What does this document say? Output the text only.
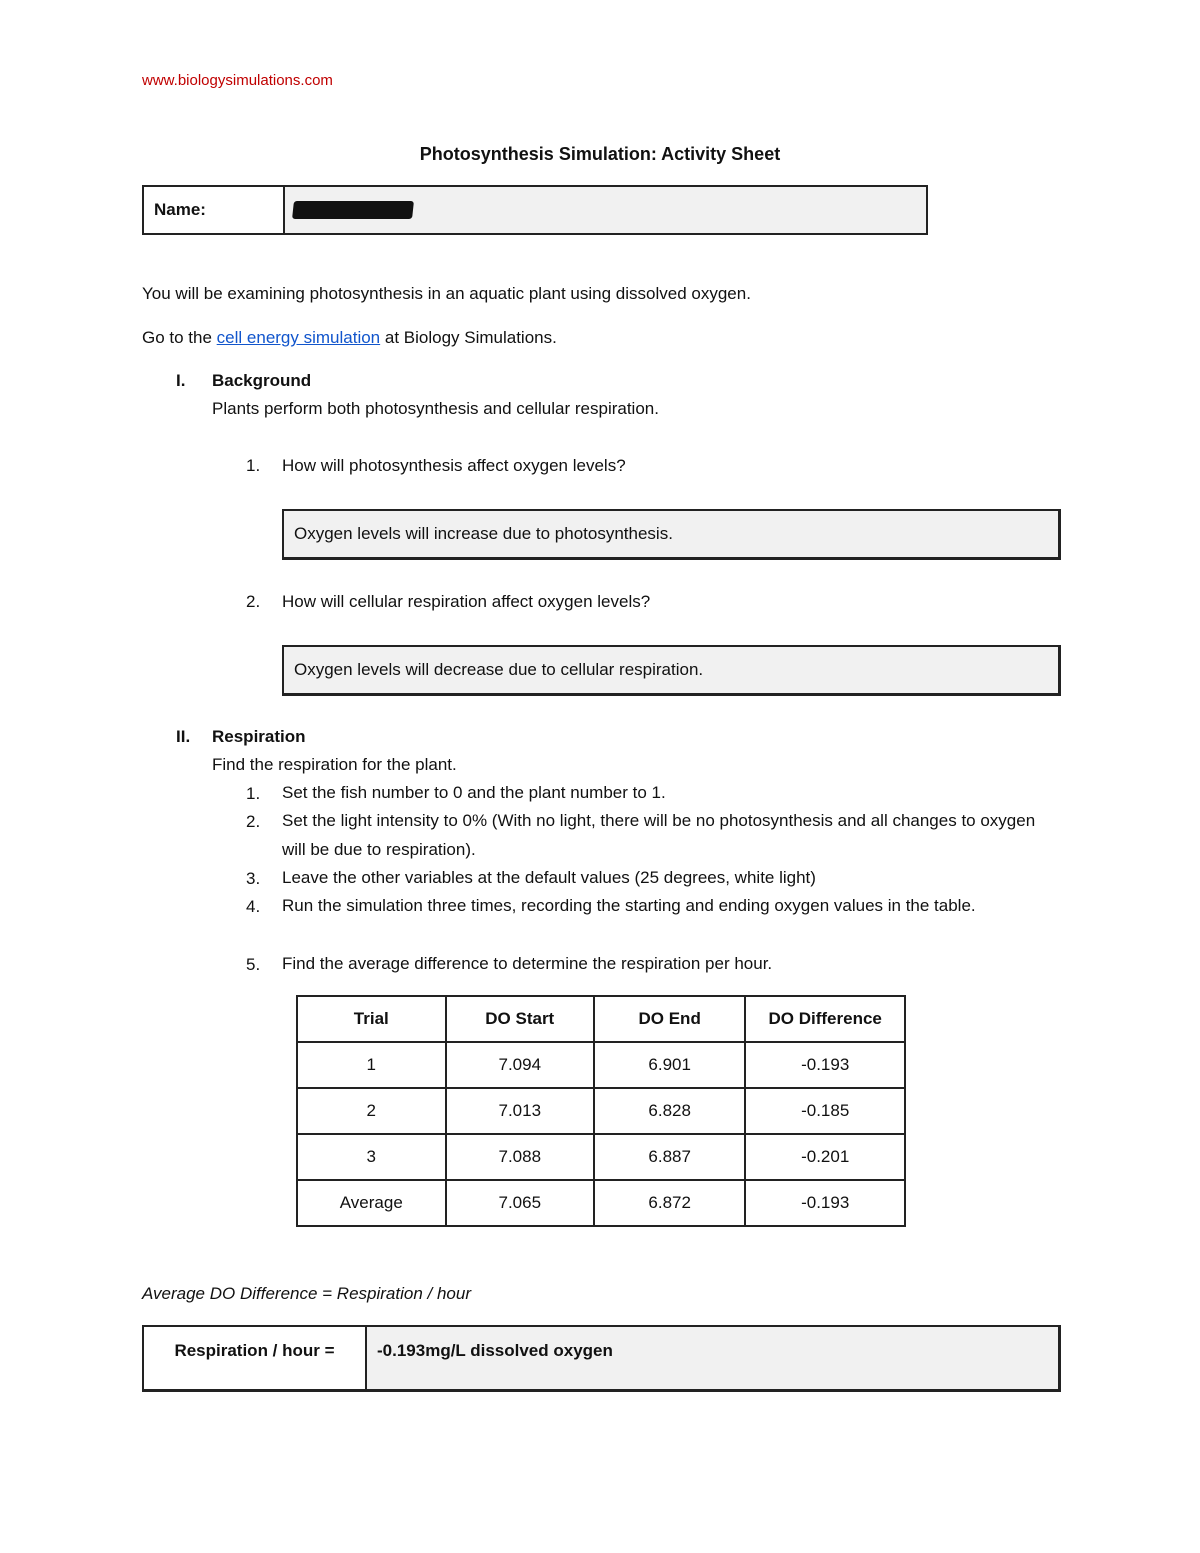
www.biologysimulations.com
Photosynthesis Simulation: Activity Sheet
Name:
You will be examining photosynthesis in an aquatic plant using dissolved oxygen.
Go to the cell energy simulation at Biology Simulations.
I. Background
Plants perform both photosynthesis and cellular respiration.
1. How will photosynthesis affect oxygen levels?
Oxygen levels will increase due to photosynthesis.
2. How will cellular respiration affect oxygen levels?
Oxygen levels will decrease due to cellular respiration.
II. Respiration
Find the respiration for the plant.
1. Set the fish number to 0 and the plant number to 1.
2. Set the light intensity to 0% (With no light, there will be no photosynthesis and all changes to oxygen will be due to respiration).
3. Leave the other variables at the default values (25 degrees, white light)
4. Run the simulation three times, recording the starting and ending oxygen values in the table.
5. Find the average difference to determine the respiration per hour.
Trial	DO Start	DO End	DO Difference
1	7.094	6.901	-0.193
2	7.013	6.828	-0.185
3	7.088	6.887	-0.201
Average	7.065	6.872	-0.193
Average DO Difference = Respiration / hour
Respiration / hour =	-0.193mg/L dissolved oxygen
